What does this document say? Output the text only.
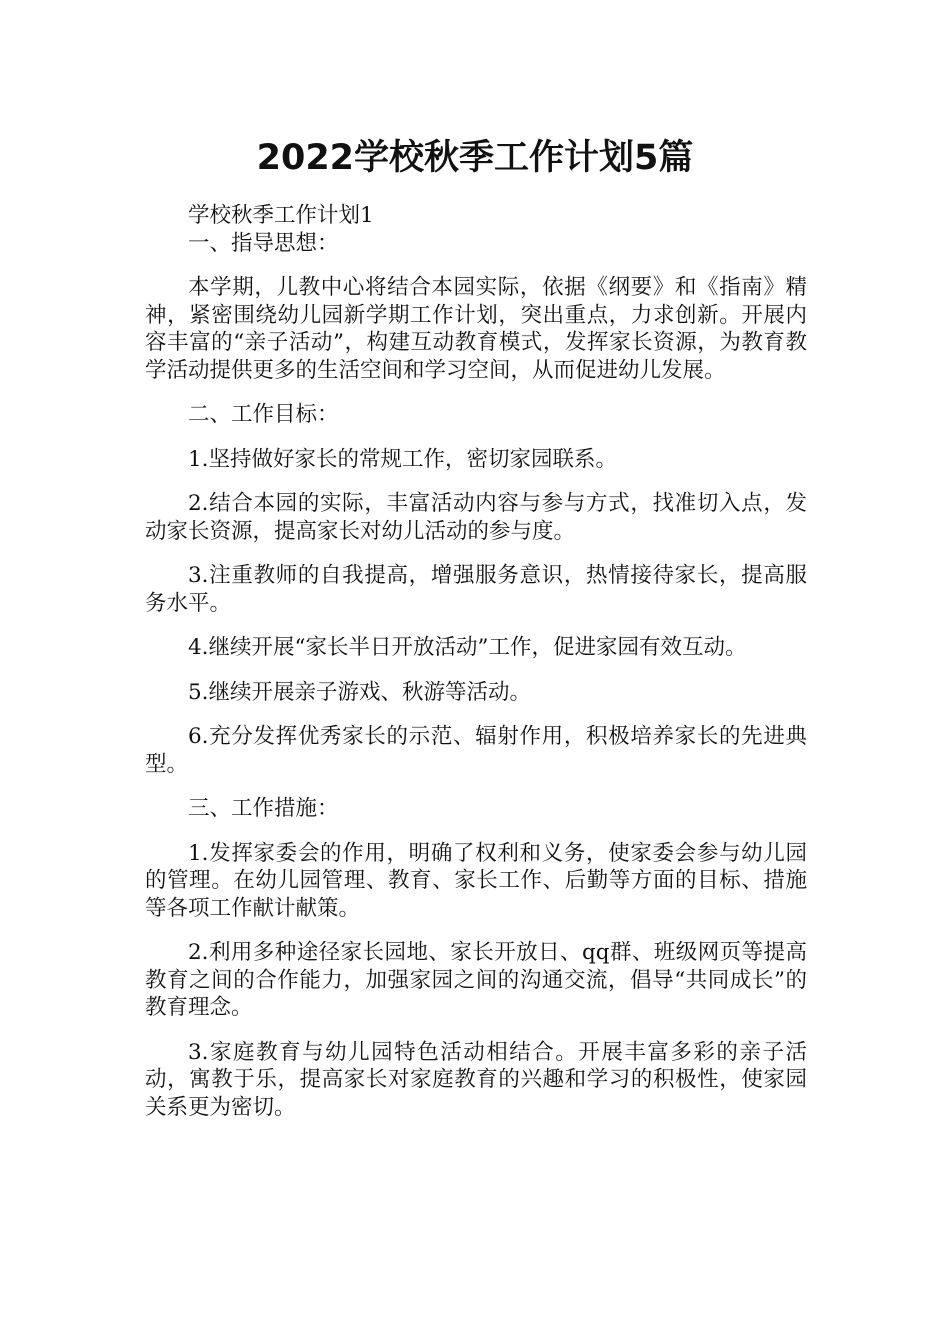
2022学校秋季工作计划5篇

学校秋季工作计划1

一、指导思想：

本学期，儿教中心将结合本园实际，依据《纲要》和《指南》精神，紧密围绕幼儿园新学期工作计划，突出重点，力求创新。开展内容丰富的“亲子活动”，构建互动教育模式，发挥家长资源，为教育教学活动提供更多的生活空间和学习空间，从而促进幼儿发展。

二、工作目标：

1.坚持做好家长的常规工作，密切家园联系。

2.结合本园的实际，丰富活动内容与参与方式，找准切入点，发动家长资源，提高家长对幼儿活动的参与度。

3.注重教师的自我提高，增强服务意识，热情接待家长，提高服务水平。

4.继续开展“家长半日开放活动”工作，促进家园有效互动。

5.继续开展亲子游戏、秋游等活动。

6.充分发挥优秀家长的示范、辐射作用，积极培养家长的先进典型。

三、工作措施：

1.发挥家委会的作用，明确了权利和义务，使家委会参与幼儿园的管理。在幼儿园管理、教育、家长工作、后勤等方面的目标、措施等各项工作献计献策。

2.利用多种途径家长园地、家长开放日、qq群、班级网页等提高教育之间的合作能力，加强家园之间的沟通交流，倡导“共同成长”的教育理念。

3.家庭教育与幼儿园特色活动相结合。开展丰富多彩的亲子活动，寓教于乐，提高家长对家庭教育的兴趣和学习的积极性，使家园关系更为密切。
